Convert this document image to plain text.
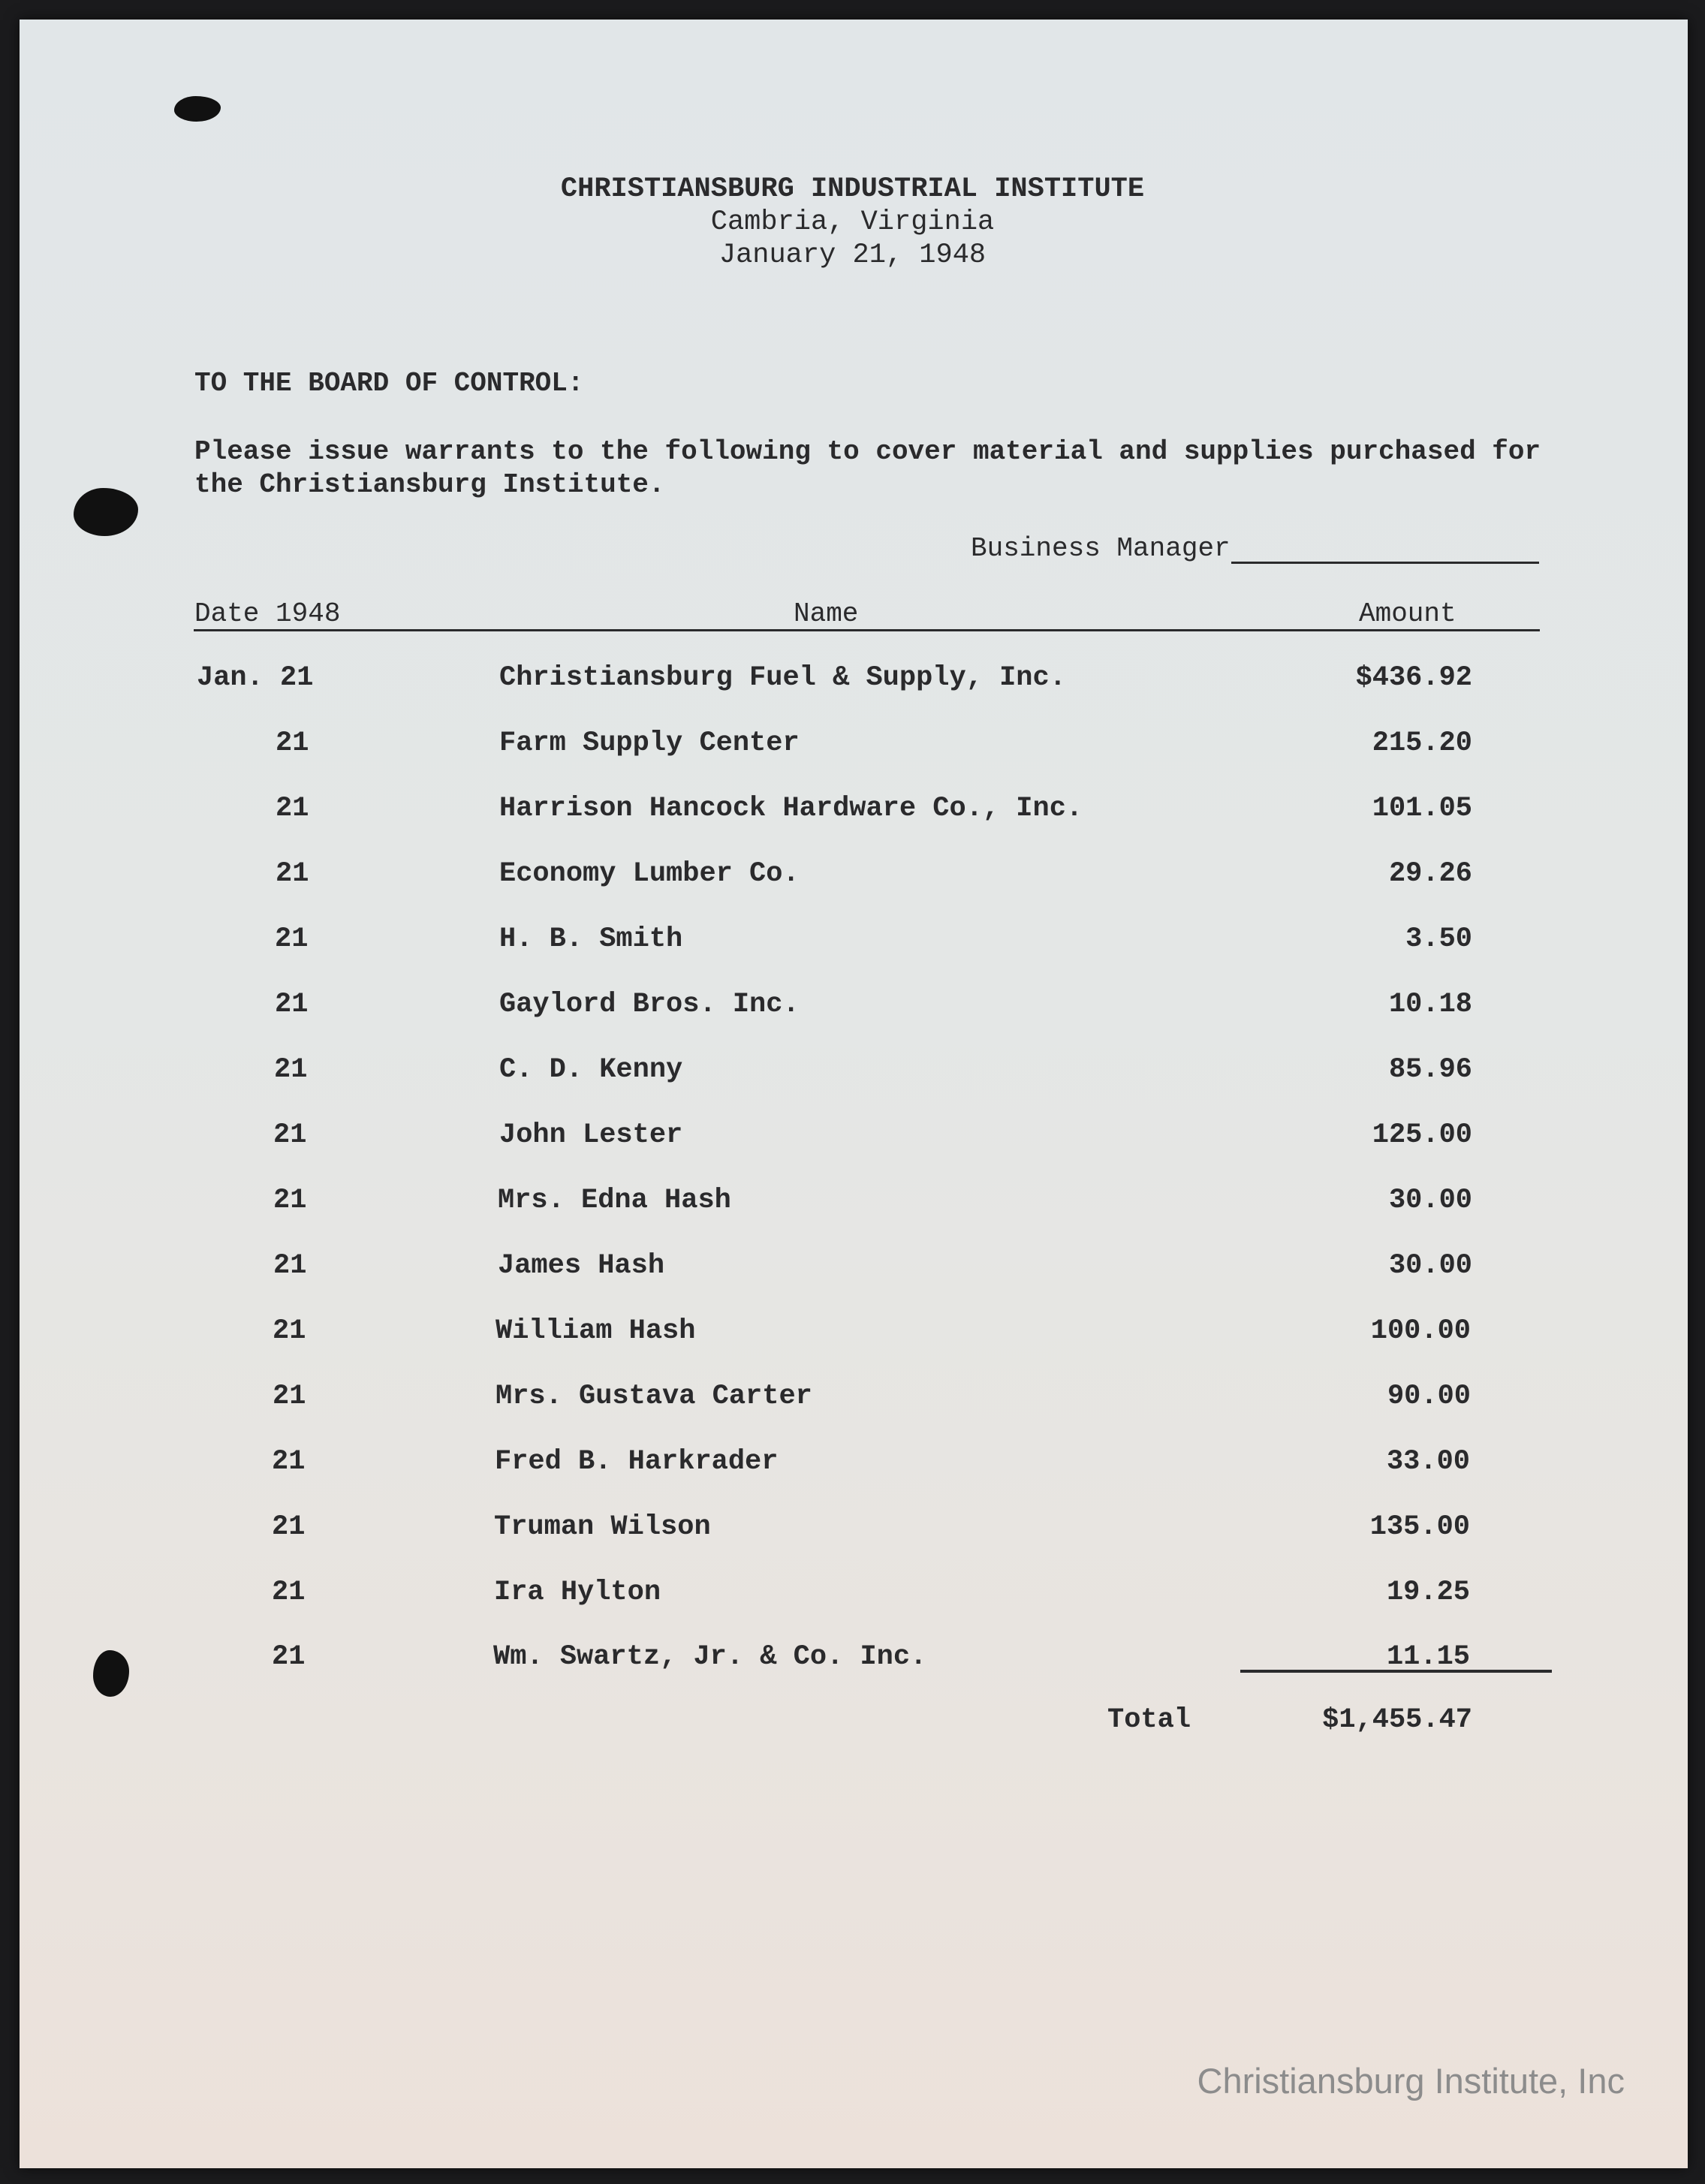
CHRISTIANSBURG INDUSTRIAL INSTITUTE
Cambria, Virginia
January 21, 1948
TO THE BOARD OF CONTROL:
Please issue warrants to the following to cover material and supplies purchased for the Christiansburg Institute.
Business Manager
Date 1948	Name	Amount
Jan. 21	Christiansburg Fuel & Supply, Inc.	$436.92
21	Farm Supply Center	215.20
21	Harrison Hancock Hardware Co., Inc.	101.05
21	Economy Lumber Co.	29.26
21	H. B. Smith	3.50
21	Gaylord Bros. Inc.	10.18
21	C. D. Kenny	85.96
21	John Lester	125.00
21	Mrs. Edna Hash	30.00
21	James Hash	30.00
21	William Hash	100.00
21	Mrs. Gustava Carter	90.00
21	Fred B. Harkrader	33.00
21	Truman Wilson	135.00
21	Ira Hylton	19.25
21	Wm. Swartz, Jr. & Co. Inc.	11.15
Total	$1,455.47
Christiansburg Institute, Inc
